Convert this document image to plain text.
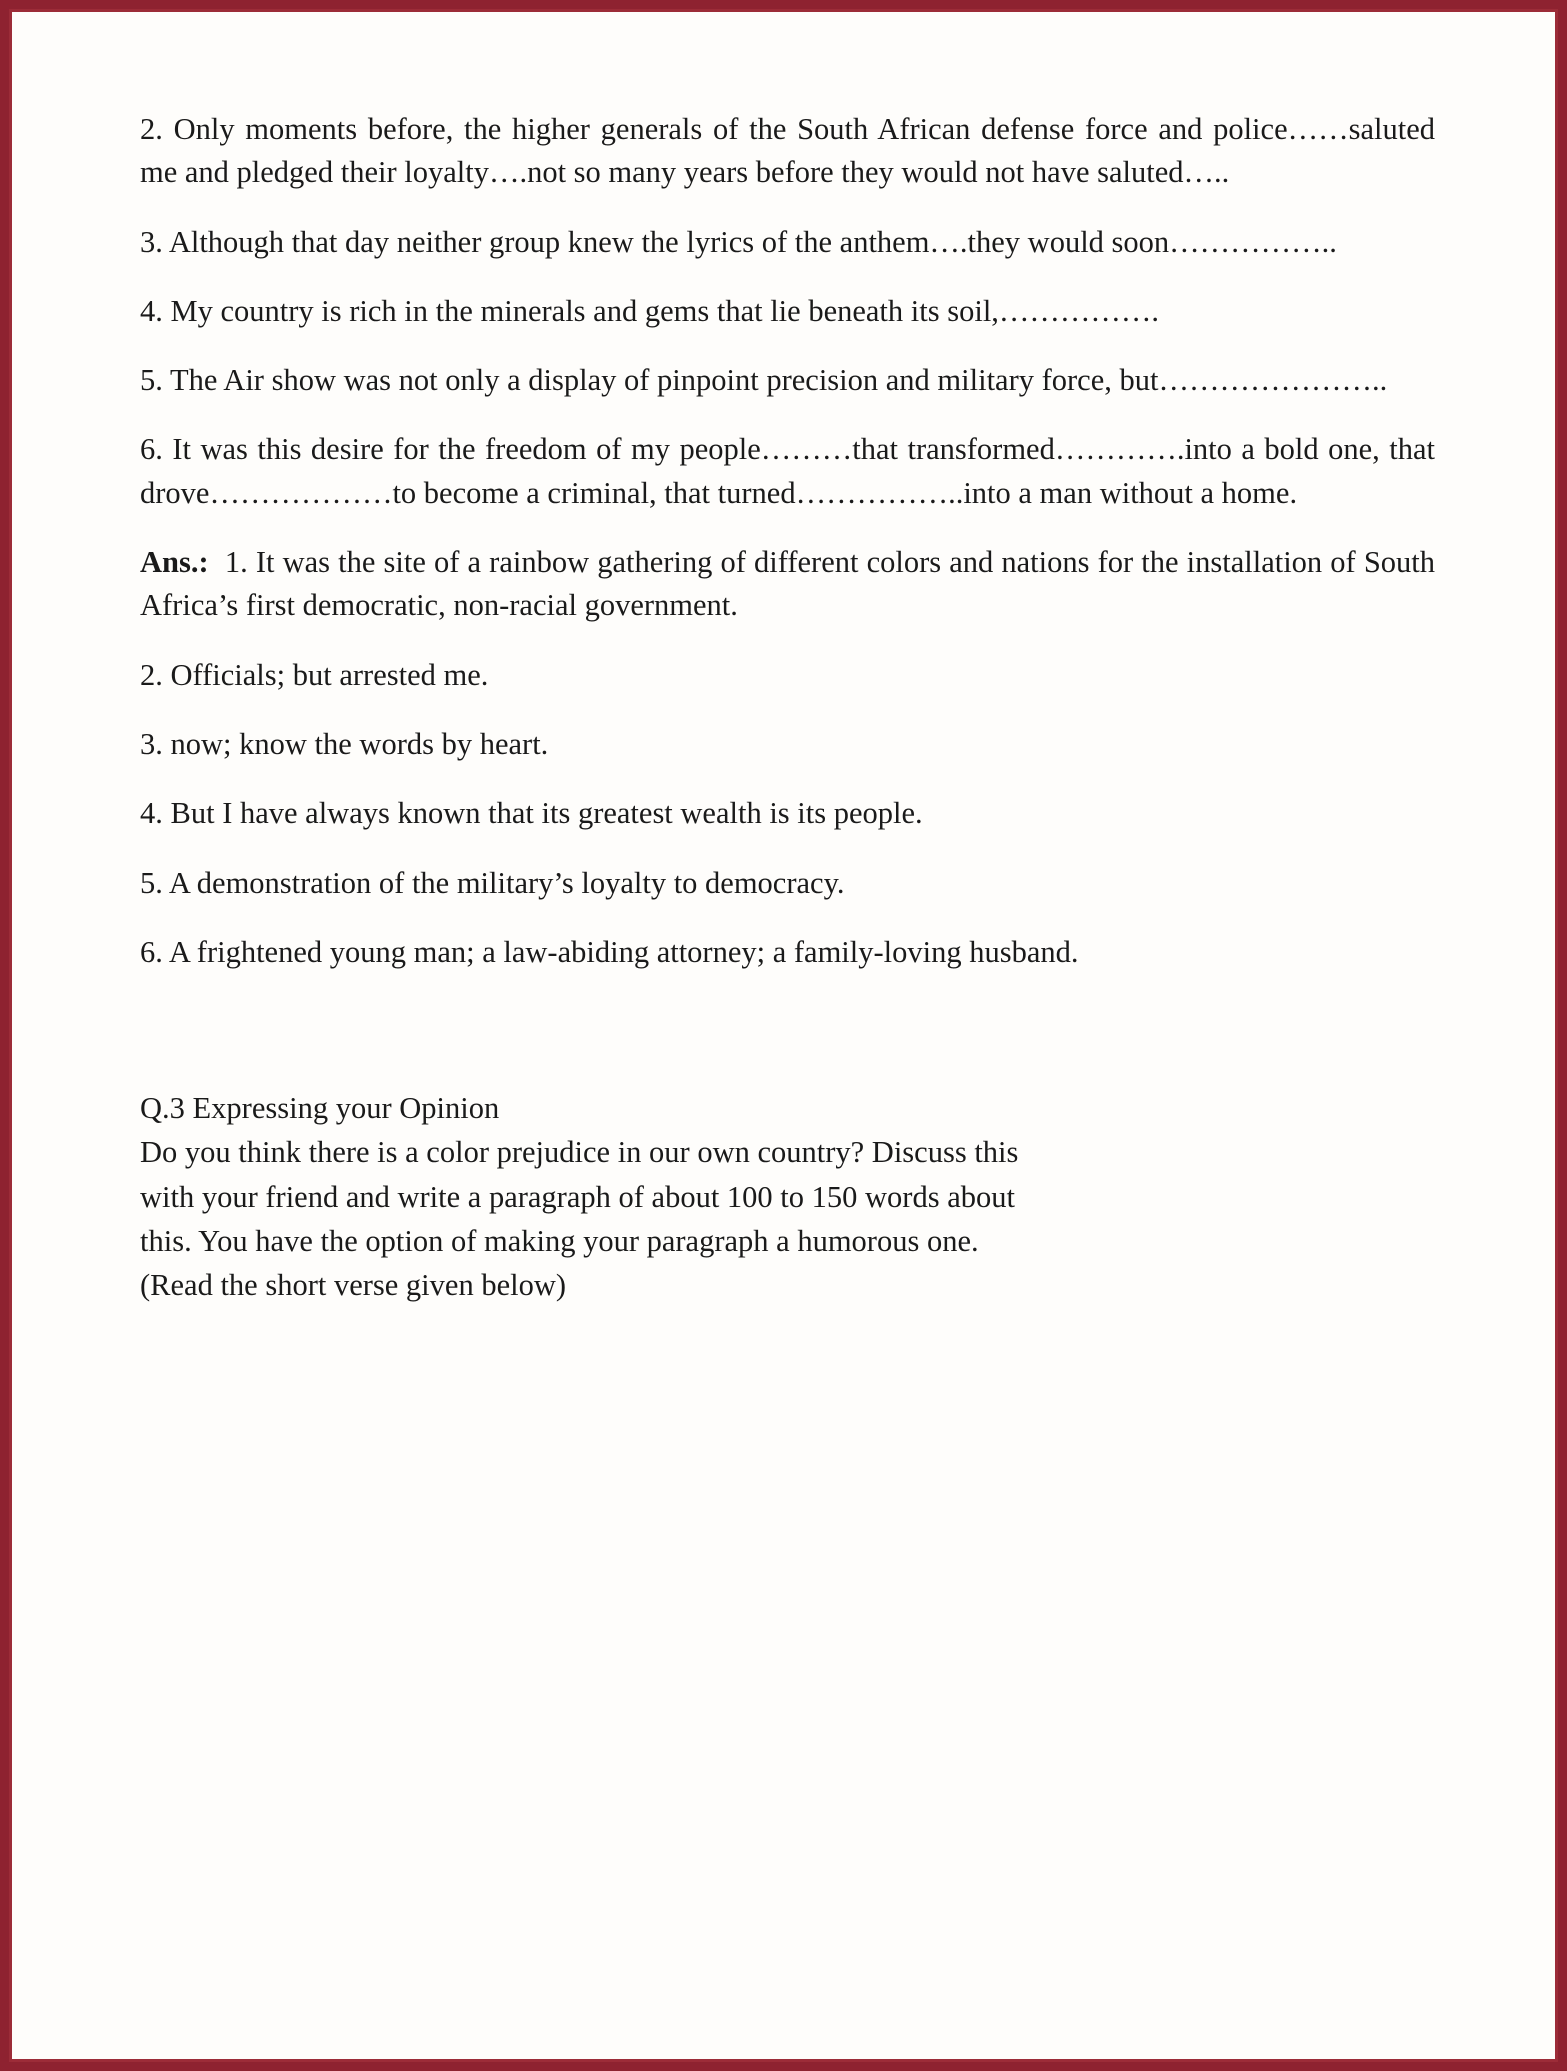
2. Only moments before, the higher generals of the South African defense force and police……saluted me and pledged their loyalty….not so many years before they would not have saluted…..

3. Although that day neither group knew the lyrics of the anthem….they would soon……………..

4. My country is rich in the minerals and gems that lie beneath its soil,…………….

5. The Air show was not only a display of pinpoint precision and military force, but…………………..

6. It was this desire for the freedom of my people………that transformed………….into a bold one, that drove………………to become a criminal, that turned……………..into a man without a home.

Ans.: 1. It was the site of a rainbow gathering of different colors and nations for the installation of South Africa’s first democratic, non-racial government.

2. Officials; but arrested me.

3. now; know the words by heart.

4. But I have always known that its greatest wealth is its people.

5. A demonstration of the military’s loyalty to democracy.

6. A frightened young man; a law-abiding attorney; a family-loving husband.

Q.3 Expressing your Opinion

Do you think there is a color prejudice in our own country? Discuss this

with your friend and write a paragraph of about 100 to 150 words about

this. You have the option of making your paragraph a humorous one.

(Read the short verse given below)
